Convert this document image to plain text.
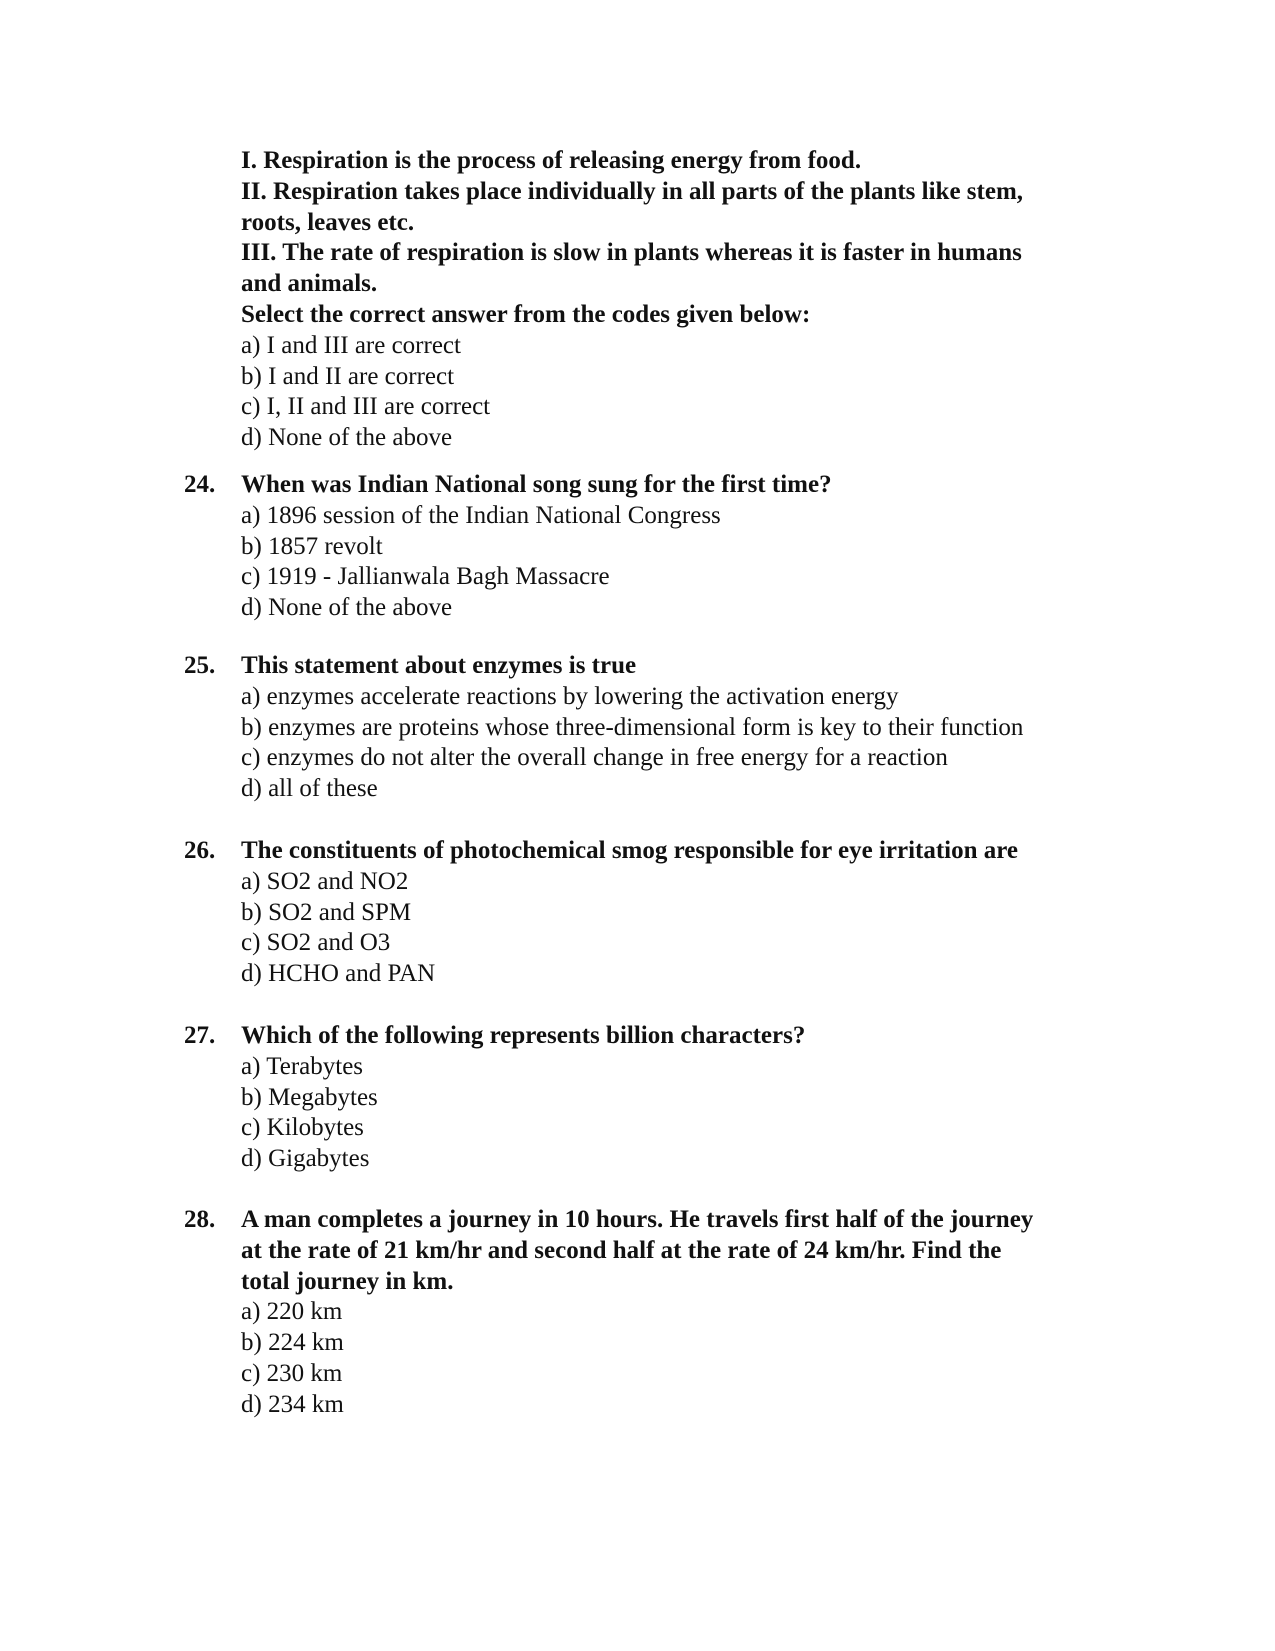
I. Respiration is the process of releasing energy from food.
II. Respiration takes place individually in all parts of the plants like stem,
roots, leaves etc.
III. The rate of respiration is slow in plants whereas it is faster in humans
and animals.
Select the correct answer from the codes given below:
a) I and III are correct
b) I and II are correct
c) I, II and III are correct
d) None of the above
24. When was Indian National song sung for the first time?
a) 1896 session of the Indian National Congress
b) 1857 revolt
c) 1919 - Jallianwala Bagh Massacre
d) None of the above
25. This statement about enzymes is true
a) enzymes accelerate reactions by lowering the activation energy
b) enzymes are proteins whose three-dimensional form is key to their function
c) enzymes do not alter the overall change in free energy for a reaction
d) all of these
26. The constituents of photochemical smog responsible for eye irritation are
a) SO2 and NO2
b) SO2 and SPM
c) SO2 and O3
d) HCHO and PAN
27. Which of the following represents billion characters?
a) Terabytes
b) Megabytes
c) Kilobytes
d) Gigabytes
28. A man completes a journey in 10 hours. He travels first half of the journey
at the rate of 21 km/hr and second half at the rate of 24 km/hr. Find the
total journey in km.
a) 220 km
b) 224 km
c) 230 km
d) 234 km
